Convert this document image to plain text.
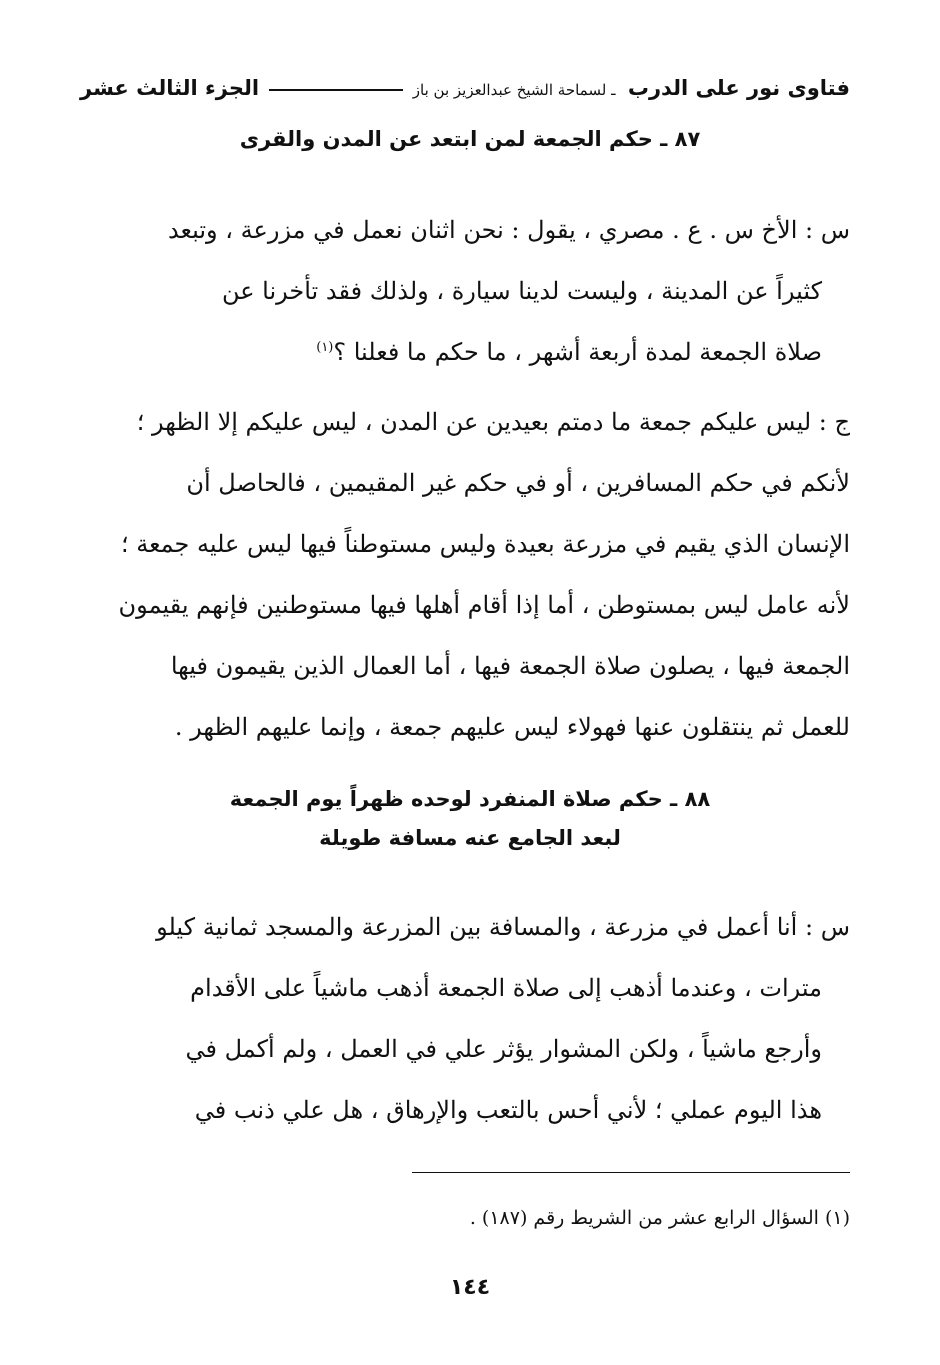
فتاوى نور على الدرب ـ لسماحة الشيخ عبدالعزيز بن باز
الجزء الثالث عشر
٨٧ ـ حكم الجمعة لمن ابتعد عن المدن والقرى
س : الأخ س . ع . مصري ، يقول : نحن اثنان نعمل في مزرعة ، وتبعد
كثيراً عن المدينة ، وليست لدينا سيارة ، ولذلك فقد تأخرنا عن
صلاة الجمعة لمدة أربعة أشهر ، ما حكم ما فعلنا ؟$^{(١)}$
ج : ليس عليكم جمعة ما دمتم بعيدين عن المدن ، ليس عليكم إلا الظهر ؛
لأنكم في حكم المسافرين ، أو في حكم غير المقيمين ، فالحاصل أن
الإنسان الذي يقيم في مزرعة بعيدة وليس مستوطناً فيها ليس عليه جمعة ؛
لأنه عامل ليس بمستوطن ، أما إذا أقام أهلها فيها مستوطنين فإنهم يقيمون
الجمعة فيها ، يصلون صلاة الجمعة فيها ، أما العمال الذين يقيمون فيها
للعمل ثم ينتقلون عنها فهولاء ليس عليهم جمعة ، وإنما عليهم الظهر .
٨٨ ـ حكم صلاة المنفرد لوحده ظهراً يوم الجمعة
لبعد الجامع عنه مسافة طويلة
س : أنا أعمل في مزرعة ، والمسافة بين المزرعة والمسجد ثمانية كيلو
مترات ، وعندما أذهب إلى صلاة الجمعة أذهب ماشياً على الأقدام
وأرجع ماشياً ، ولكن المشوار يؤثر علي في العمل ، ولم أكمل في
هذا اليوم عملي ؛ لأني أحس بالتعب والإرهاق ، هل علي ذنب في
(١) السؤال الرابع عشر من الشريط رقم (١٨٧) .
١٤٤
